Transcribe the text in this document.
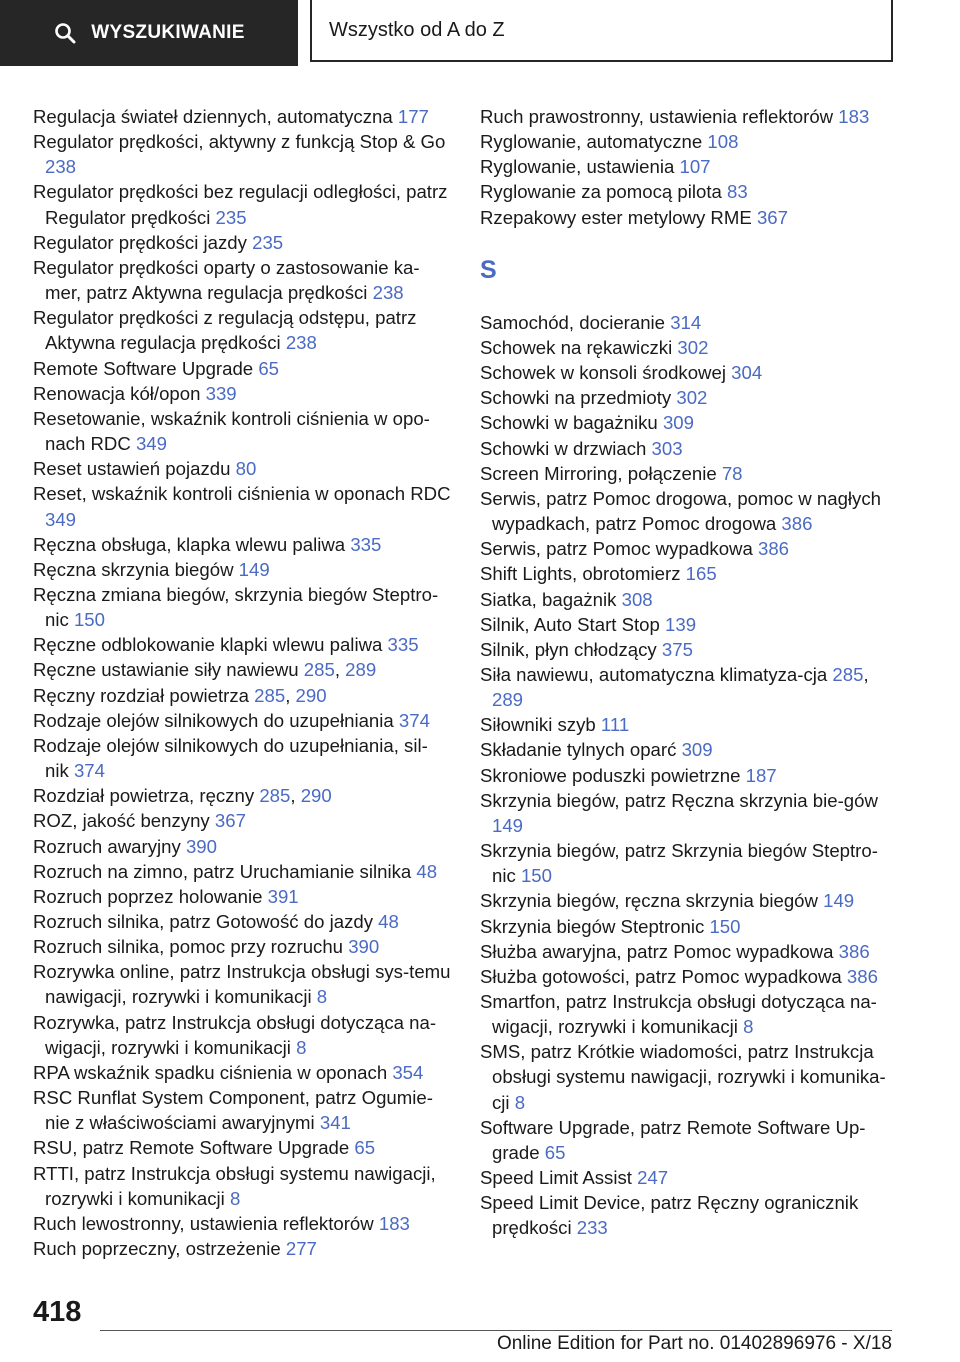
WYSZUKIWANIE	Wszystko od A do Z

Regulacja świateł dziennych, automatyczna 177

Regulator prędkości, aktywny z funkcją Stop & Go 238

Regulator prędkości bez regulacji odległości, patrz Regulator prędkości 235

Regulator prędkości jazdy 235

Regulator prędkości oparty o zastosowanie ka-mer, patrz Aktywna regulacja prędkości 238

Regulator prędkości z regulacją odstępu, patrz Aktywna regulacja prędkości 238

Remote Software Upgrade 65

Renowacja kół/opon 339

Resetowanie, wskaźnik kontroli ciśnienia w opo-nach RDC 349

Reset ustawień pojazdu 80

Reset, wskaźnik kontroli ciśnienia w oponach RDC 349

Ręczna obsługa, klapka wlewu paliwa 335

Ręczna skrzynia biegów 149

Ręczna zmiana biegów, skrzynia biegów Steptro-nic 150

Ręczne odblokowanie klapki wlewu paliwa 335

Ręczne ustawianie siły nawiewu 285, 289

Ręczny rozdział powietrza 285, 290

Rodzaje olejów silnikowych do uzupełniania 374

Rodzaje olejów silnikowych do uzupełniania, sil-nik 374

Rozdział powietrza, ręczny 285, 290

ROZ, jakość benzyny 367

Rozruch awaryjny 390

Rozruch na zimno, patrz Uruchamianie silnika 48

Rozruch poprzez holowanie 391

Rozruch silnika, patrz Gotowość do jazdy 48

Rozruch silnika, pomoc przy rozruchu 390

Rozrywka online, patrz Instrukcja obsługi sys-temu nawigacji, rozrywki i komunikacji 8

Rozrywka, patrz Instrukcja obsługi dotycząca na-wigacji, rozrywki i komunikacji 8

RPA wskaźnik spadku ciśnienia w oponach 354

RSC Runflat System Component, patrz Ogumie-nie z właściwościami awaryjnymi 341

RSU, patrz Remote Software Upgrade 65

RTTI, patrz Instrukcja obsługi systemu nawigacji, rozrywki i komunikacji 8

Ruch lewostronny, ustawienia reflektorów 183

Ruch poprzeczny, ostrzeżenie 277

Ruch prawostronny, ustawienia reflektorów 183

Ryglowanie, automatyczne 108

Ryglowanie, ustawienia 107

Ryglowanie za pomocą pilota 83

Rzepakowy ester metylowy RME 367

S

Samochód, docieranie 314

Schowek na rękawiczki 302

Schowek w konsoli środkowej 304

Schowki na przedmioty 302

Schowki w bagażniku 309

Schowki w drzwiach 303

Screen Mirroring, połączenie 78

Serwis, patrz Pomoc drogowa, pomoc w nagłych wypadkach, patrz Pomoc drogowa 386

Serwis, patrz Pomoc wypadkowa 386

Shift Lights, obrotomierz 165

Siatka, bagażnik 308

Silnik, Auto Start Stop 139

Silnik, płyn chłodzący 375

Siła nawiewu, automatyczna klimatyza-cja 285, 289

Siłowniki szyb 111

Składanie tylnych oparć 309

Skroniowe poduszki powietrzne 187

Skrzynia biegów, patrz Ręczna skrzynia bie-gów 149

Skrzynia biegów, patrz Skrzynia biegów Steptro-nic 150

Skrzynia biegów, ręczna skrzynia biegów 149

Skrzynia biegów Steptronic 150

Służba awaryjna, patrz Pomoc wypadkowa 386

Służba gotowości, patrz Pomoc wypadkowa 386

Smartfon, patrz Instrukcja obsługi dotycząca na-wigacji, rozrywki i komunikacji 8

SMS, patrz Krótkie wiadomości, patrz Instrukcja obsługi systemu nawigacji, rozrywki i komunika-cji 8

Software Upgrade, patrz Remote Software Up-grade 65

Speed Limit Assist 247

Speed Limit Device, patrz Ręczny ogranicznik prędkości 233

418
Online Edition for Part no. 01402896976 - X/18
